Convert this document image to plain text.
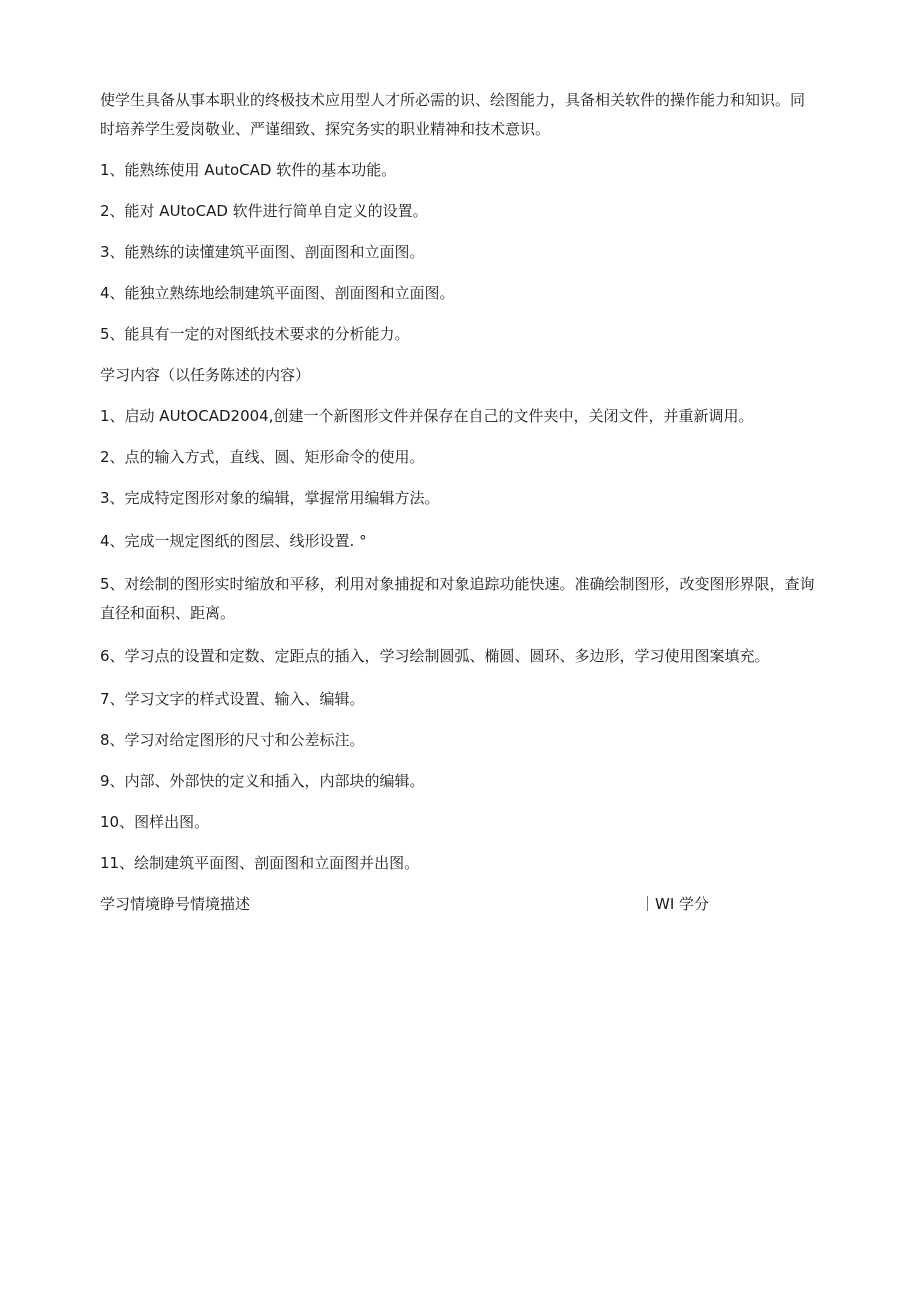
使学生具备从事本职业的终极技术应用型人才所必需的识、绘图能力，具备相关软件的操作能力和知识。同时培养学生爱岗敬业、严谨细致、探究务实的职业精神和技术意识。

1、能熟练使用 AutoCAD 软件的基本功能。

2、能对 AUtoCAD 软件进行简单自定义的设置。

3、能熟练的读懂建筑平面图、剖面图和立面图。

4、能独立熟练地绘制建筑平面图、剖面图和立面图。

5、能具有一定的对图纸技术要求的分析能力。

学习内容（以任务陈述的内容）

1、启动 AUtOCAD2004,创建一个新图形文件并保存在自己的文件夹中，关闭文件，并重新调用。

2、点的输入方式，直线、圆、矩形命令的使用。

3、完成特定图形对象的编辑，掌握常用编辑方法。

4、完成一规定图纸的图层、线形设置. °

5、对绘制的图形实时缩放和平移，利用对象捕捉和对象追踪功能快速。准确绘制图形，改变图形界限，查询直径和面积、距离。

6、学习点的设置和定数、定距点的插入，学习绘制圆弧、椭圆、圆环、多边形，学习使用图案填充。

7、学习文字的样式设置、输入、编辑。

8、学习对给定图形的尺寸和公差标注。

9、内部、外部快的定义和插入，内部块的编辑。

10、图样出图。

11、绘制建筑平面图、剖面图和立面图并出图。

学习情境睁号情境描述	｜WI 学分
